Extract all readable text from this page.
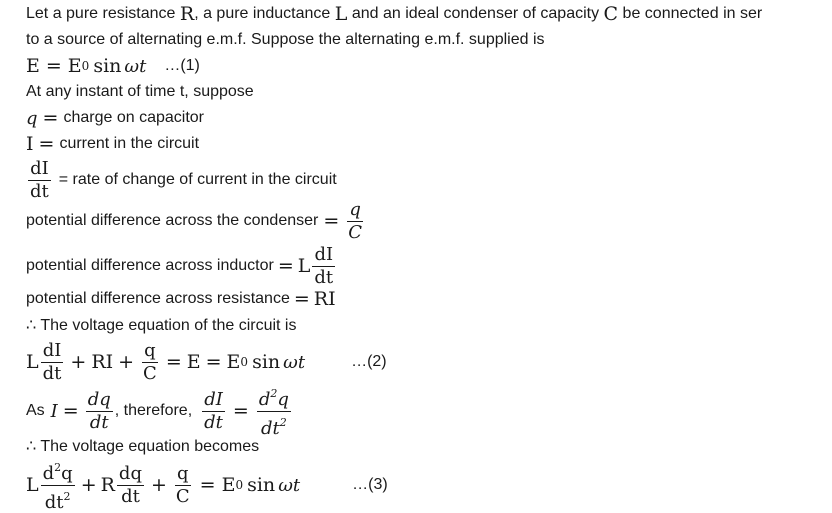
Let a pure resistance
R , a pure inductance
L
and an ideal condenser of capacity
C
be connected in ser
to a source of alternating e.m.f. Suppose the alternating e.m.f. supplied is
E = E 0 sin ωt …(1)
At any instant of time t, suppose
q = charge on capacitor
I = current in the circuit
$\frac{dI}{dt}$ = rate of change of current in the circuit
potential difference across the condenser = $\frac{q}{C}$
potential difference across inductor = L $\frac{dI}{dt}$
potential difference across resistance = RI
∴ The voltage equation of the circuit is
L $\frac{dI}{dt}$ + RI + $\frac{q}{C} = E = E$ 0 sin ωt	…(2)
As $I = \frac{dq}{dt}$ , therefore, $\frac{dI}{dt} = \frac{d^2q}{dt^2}$
∴ The voltage equation becomes
L $\frac{d^2q}{dt^2} + R \frac{dq}{dt} + \frac{q}{C} = E$ 0 sin ωt	…(3)
